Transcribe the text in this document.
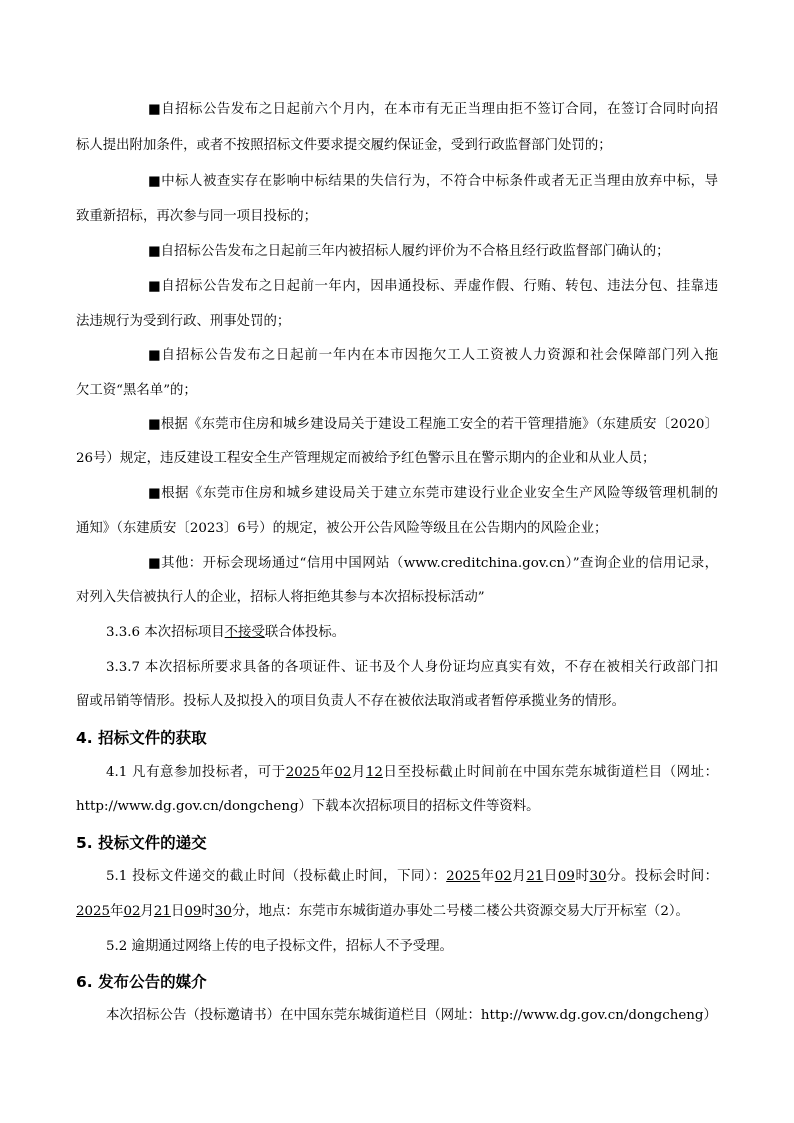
■自招标公告发布之日起前六个月内，在本市有无正当理由拒不签订合同，在签订合同时向招
标人提出附加条件，或者不按照招标文件要求提交履约保证金，受到行政监督部门处罚的；
■中标人被查实存在影响中标结果的失信行为，不符合中标条件或者无正当理由放弃中标，导
致重新招标，再次参与同一项目投标的；
■自招标公告发布之日起前三年内被招标人履约评价为不合格且经行政监督部门确认的；
■自招标公告发布之日起前一年内，因串通投标、弄虚作假、行贿、转包、违法分包、挂靠违
法违规行为受到行政、刑事处罚的；
■自招标公告发布之日起前一年内在本市因拖欠工人工资被人力资源和社会保障部门列入拖
欠工资“黑名单”的；
■根据《东莞市住房和城乡建设局关于建设工程施工安全的若干管理措施》（东建质安〔2020〕
26号）规定，违反建设工程安全生产管理规定而被给予红色警示且在警示期内的企业和从业人员；
■根据《东莞市住房和城乡建设局关于建立东莞市建设行业企业安全生产风险等级管理机制的
通知》（东建质安〔2023〕6号）的规定，被公开公告风险等级且在公告期内的风险企业；
■其他：开标会现场通过“信用中国网站（www.creditchina.gov.cn）”查询企业的信用记录，
对列入失信被执行人的企业，招标人将拒绝其参与本次招标投标活动”
3.3.6 本次招标项目不接受联合体投标。
3.3.7 本次招标所要求具备的各项证件、证书及个人身份证均应真实有效，不存在被相关行政部门扣
留或吊销等情形。投标人及拟投入的项目负责人不存在被依法取消或者暂停承揽业务的情形。
4. 招标文件的获取
4.1 凡有意参加投标者，可于2025年02月12日至投标截止时间前在中国东莞东城街道栏目（网址：
http://www.dg.gov.cn/dongcheng）下载本次招标项目的招标文件等资料。
5. 投标文件的递交
5.1 投标文件递交的截止时间（投标截止时间，下同）：2025年02月21日09时30分。投标会时间：
2025年02月21日09时30分，地点：东莞市东城街道办事处二号楼二楼公共资源交易大厅开标室（2）。
5.2 逾期通过网络上传的电子投标文件，招标人不予受理。
6. 发布公告的媒介
本次招标公告（投标邀请书）在中国东莞东城街道栏目（网址：http://www.dg.gov.cn/dongcheng）
